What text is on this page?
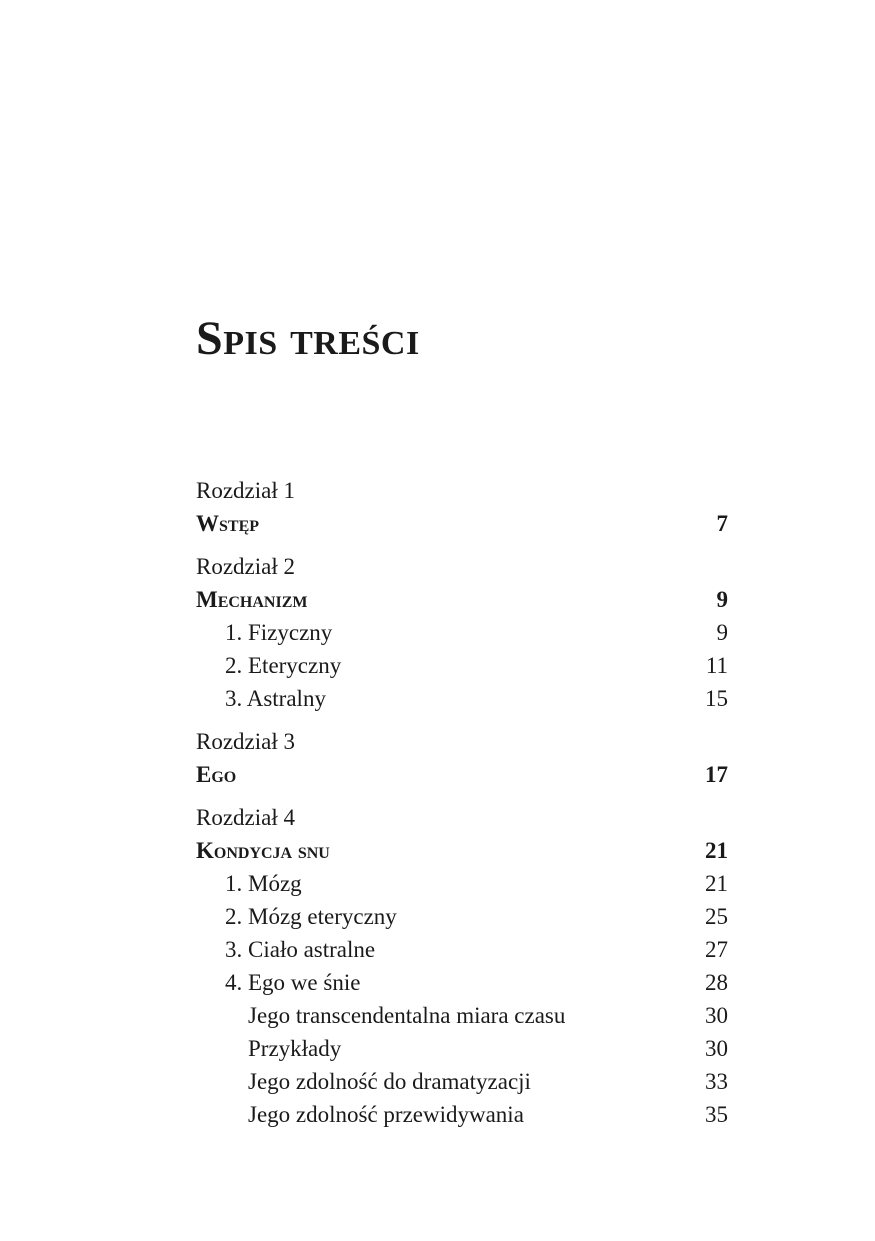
Spis treści
Rozdział 1
Wstęp	7
Rozdział 2
Mechanizm	9
1. Fizyczny	9
2. Eteryczny	11
3. Astralny	15
Rozdział 3
Ego	17
Rozdział 4
Kondycja snu	21
1. Mózg	21
2. Mózg eteryczny	25
3. Ciało astralne	27
4. Ego we śnie	28
Jego transcendentalna miara czasu	30
Przykłady	30
Jego zdolność do dramatyzacji	33
Jego zdolność przewidywania	35
